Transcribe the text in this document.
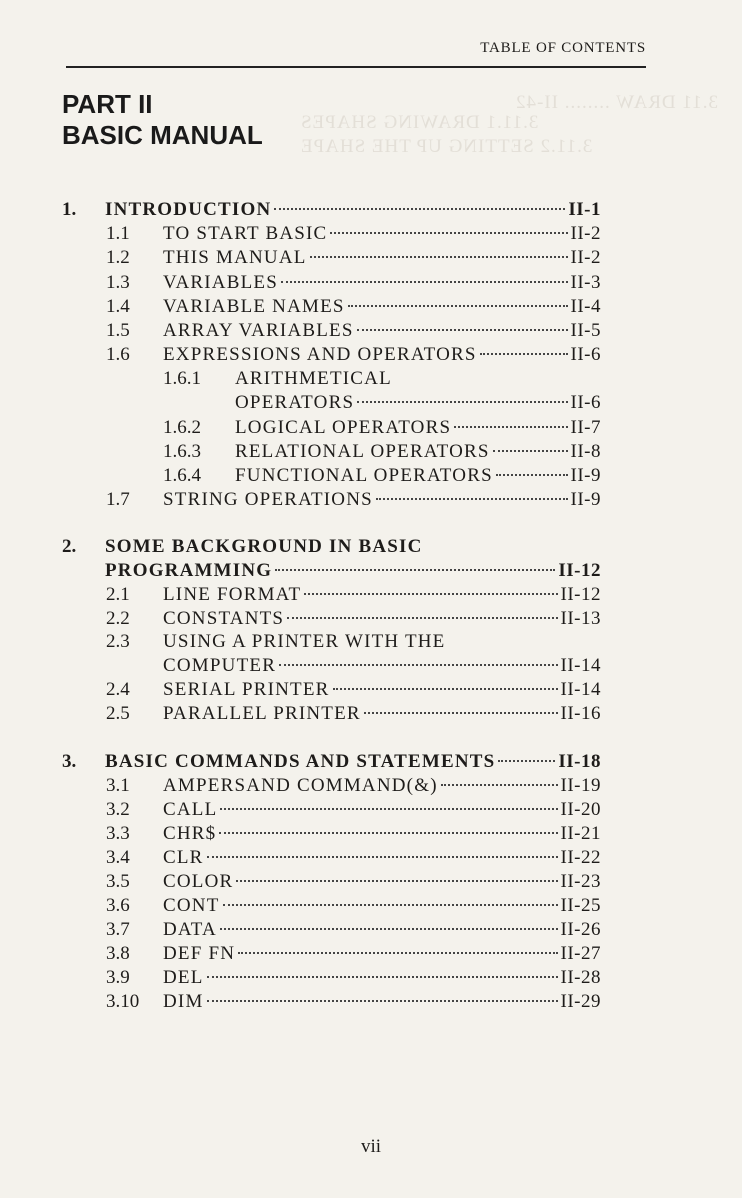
3.11 DRAW ........ II-42
3.11.1 DRAWING SHAPES
3.11.2 SETTING UP THE SHAPE
TABLE OF CONTENTS
PART II
BASIC MANUAL
1. INTRODUCTION	II-1
1.1 TO START BASIC	II-2
1.2 THIS MANUAL	II-2
1.3 VARIABLES	II-3
1.4 VARIABLE NAMES	II-4
1.5 ARRAY VARIABLES	II-5
1.6 EXPRESSIONS AND OPERATORS	II-6
1.6.1 ARITHMETICAL
OPERATORS	II-6
1.6.2 LOGICAL OPERATORS	II-7
1.6.3 RELATIONAL OPERATORS	II-8
1.6.4 FUNCTIONAL OPERATORS	II-9
1.7 STRING OPERATIONS	II-9
2. SOME BACKGROUND IN BASIC
PROGRAMMING	II-12
2.1 LINE FORMAT	II-12
2.2 CONSTANTS	II-13
2.3 USING A PRINTER WITH THE
COMPUTER	II-14
2.4 SERIAL PRINTER	II-14
2.5 PARALLEL PRINTER	II-16
3. BASIC COMMANDS AND STATEMENTS	II-18
3.1 AMPERSAND COMMAND(&)	II-19
3.2 CALL	II-20
3.3 CHR$	II-21
3.4 CLR	II-22
3.5 COLOR	II-23
3.6 CONT	II-25
3.7 DATA	II-26
3.8 DEF FN	II-27
3.9 DEL	II-28
3.10 DIM	II-29
vii
